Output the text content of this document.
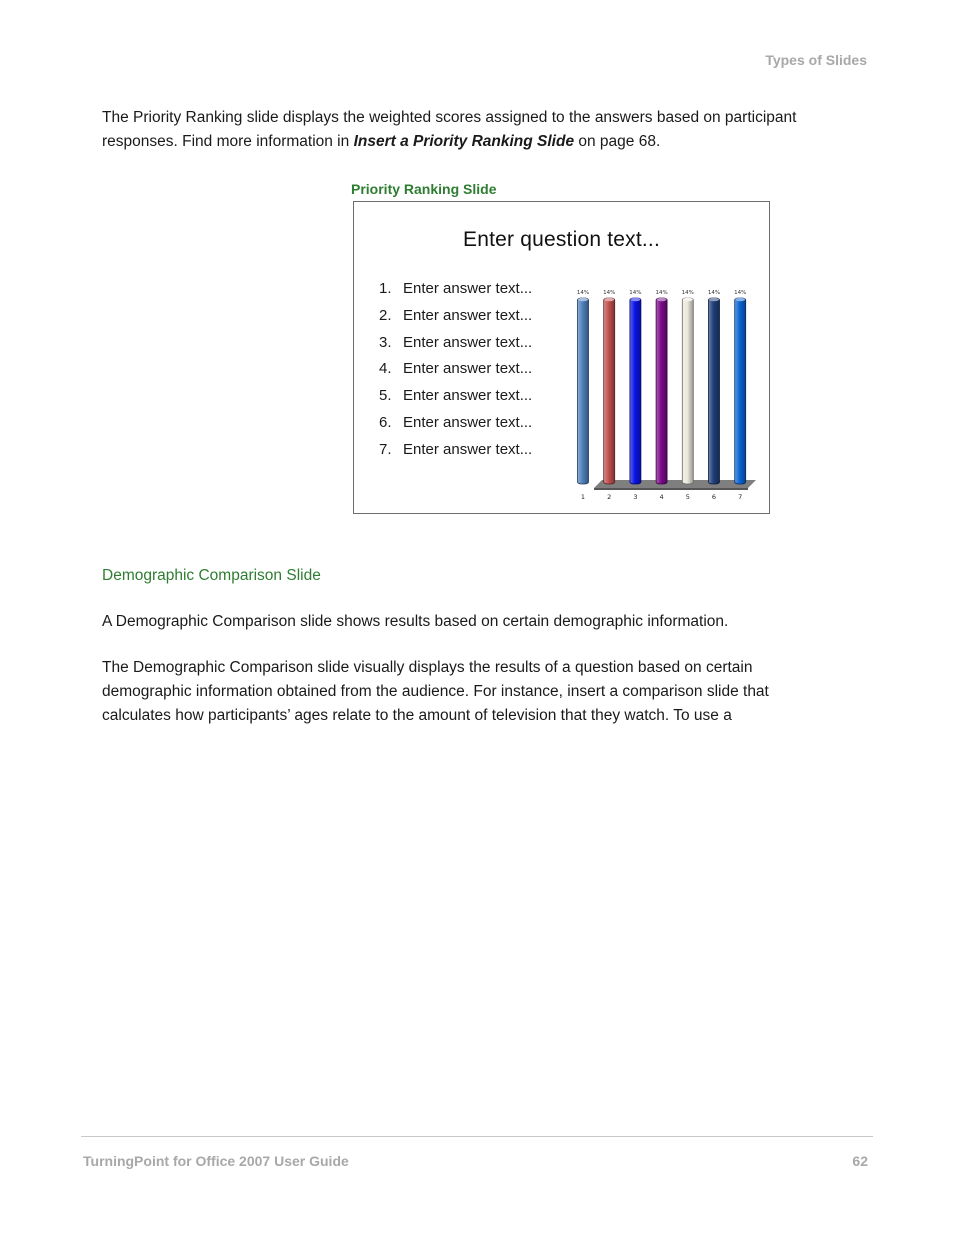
Types of Slides

The Priority Ranking slide displays the weighted scores assigned to the answers based on participant responses. Find more information in Insert a Priority Ranking Slide on page 68.

Priority Ranking Slide
Enter question text...
1. Enter answer text...
2. Enter answer text...
3. Enter answer text...
4. Enter answer text...
5. Enter answer text...
6. Enter answer text...
7. Enter answer text...
14%
1
14%
2
14%
3
14%
4
14%
5
14%
6
14%
7
Demographic Comparison Slide

A Demographic Comparison slide shows results based on certain demographic information.

The Demographic Comparison slide visually displays the results of a question based on certain demographic information obtained from the audience. For instance, insert a comparison slide that calculates how participants’ ages relate to the amount of television that they watch. To use a

TurningPoint for Office 2007 User Guide	62
